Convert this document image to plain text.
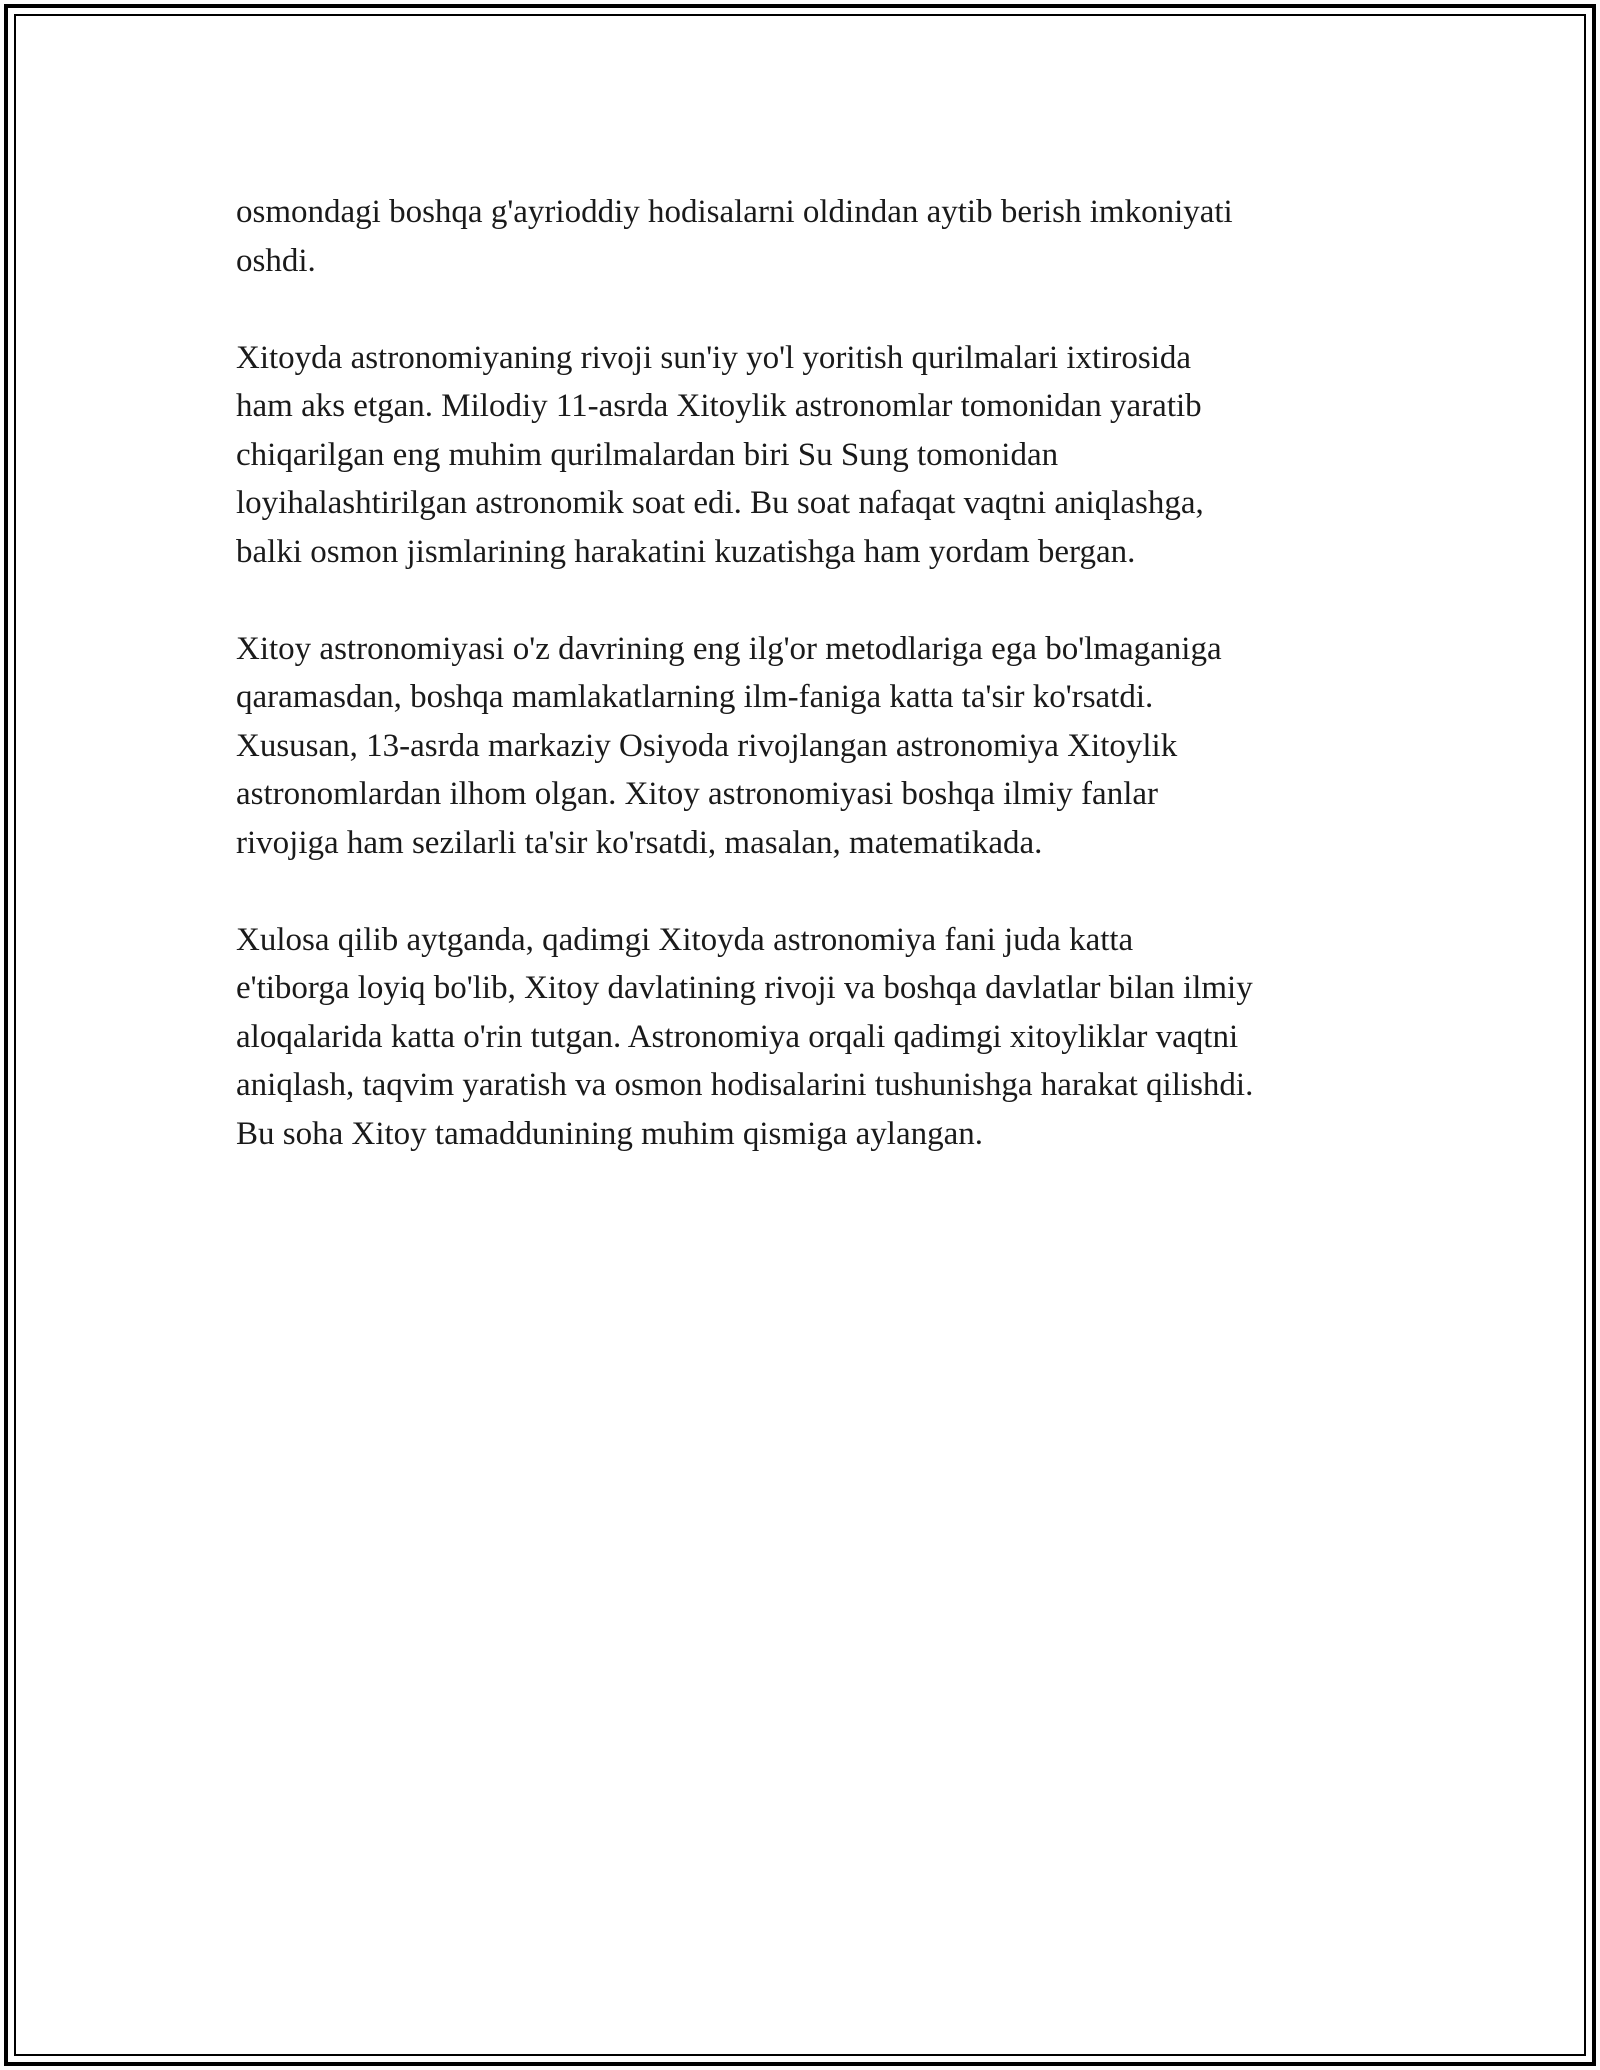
osmondagi boshqa g'ayrioddiy hodisalarni oldindan aytib berish imkoniyati
oshdi.

Xitoyda astronomiyaning rivoji sun'iy yo'l yoritish qurilmalari ixtirosida
ham aks etgan. Milodiy 11-asrda Xitoylik astronomlar tomonidan yaratib
chiqarilgan eng muhim qurilmalardan biri Su Sung tomonidan
loyihalashtirilgan astronomik soat edi. Bu soat nafaqat vaqtni aniqlashga,
balki osmon jismlarining harakatini kuzatishga ham yordam bergan.

Xitoy astronomiyasi o'z davrining eng ilg'or metodlariga ega bo'lmaganiga
qaramasdan, boshqa mamlakatlarning ilm-faniga katta ta'sir ko'rsatdi.
Xususan, 13-asrda markaziy Osiyoda rivojlangan astronomiya Xitoylik
astronomlardan ilhom olgan. Xitoy astronomiyasi boshqa ilmiy fanlar
rivojiga ham sezilarli ta'sir ko'rsatdi, masalan, matematikada.

Xulosa qilib aytganda, qadimgi Xitoyda astronomiya fani juda katta
e'tiborga loyiq bo'lib, Xitoy davlatining rivoji va boshqa davlatlar bilan ilmiy
aloqalarida katta o'rin tutgan. Astronomiya orqali qadimgi xitoyliklar vaqtni
aniqlash, taqvim yaratish va osmon hodisalarini tushunishga harakat qilishdi.
Bu soha Xitoy tamaddunining muhim qismiga aylangan.
